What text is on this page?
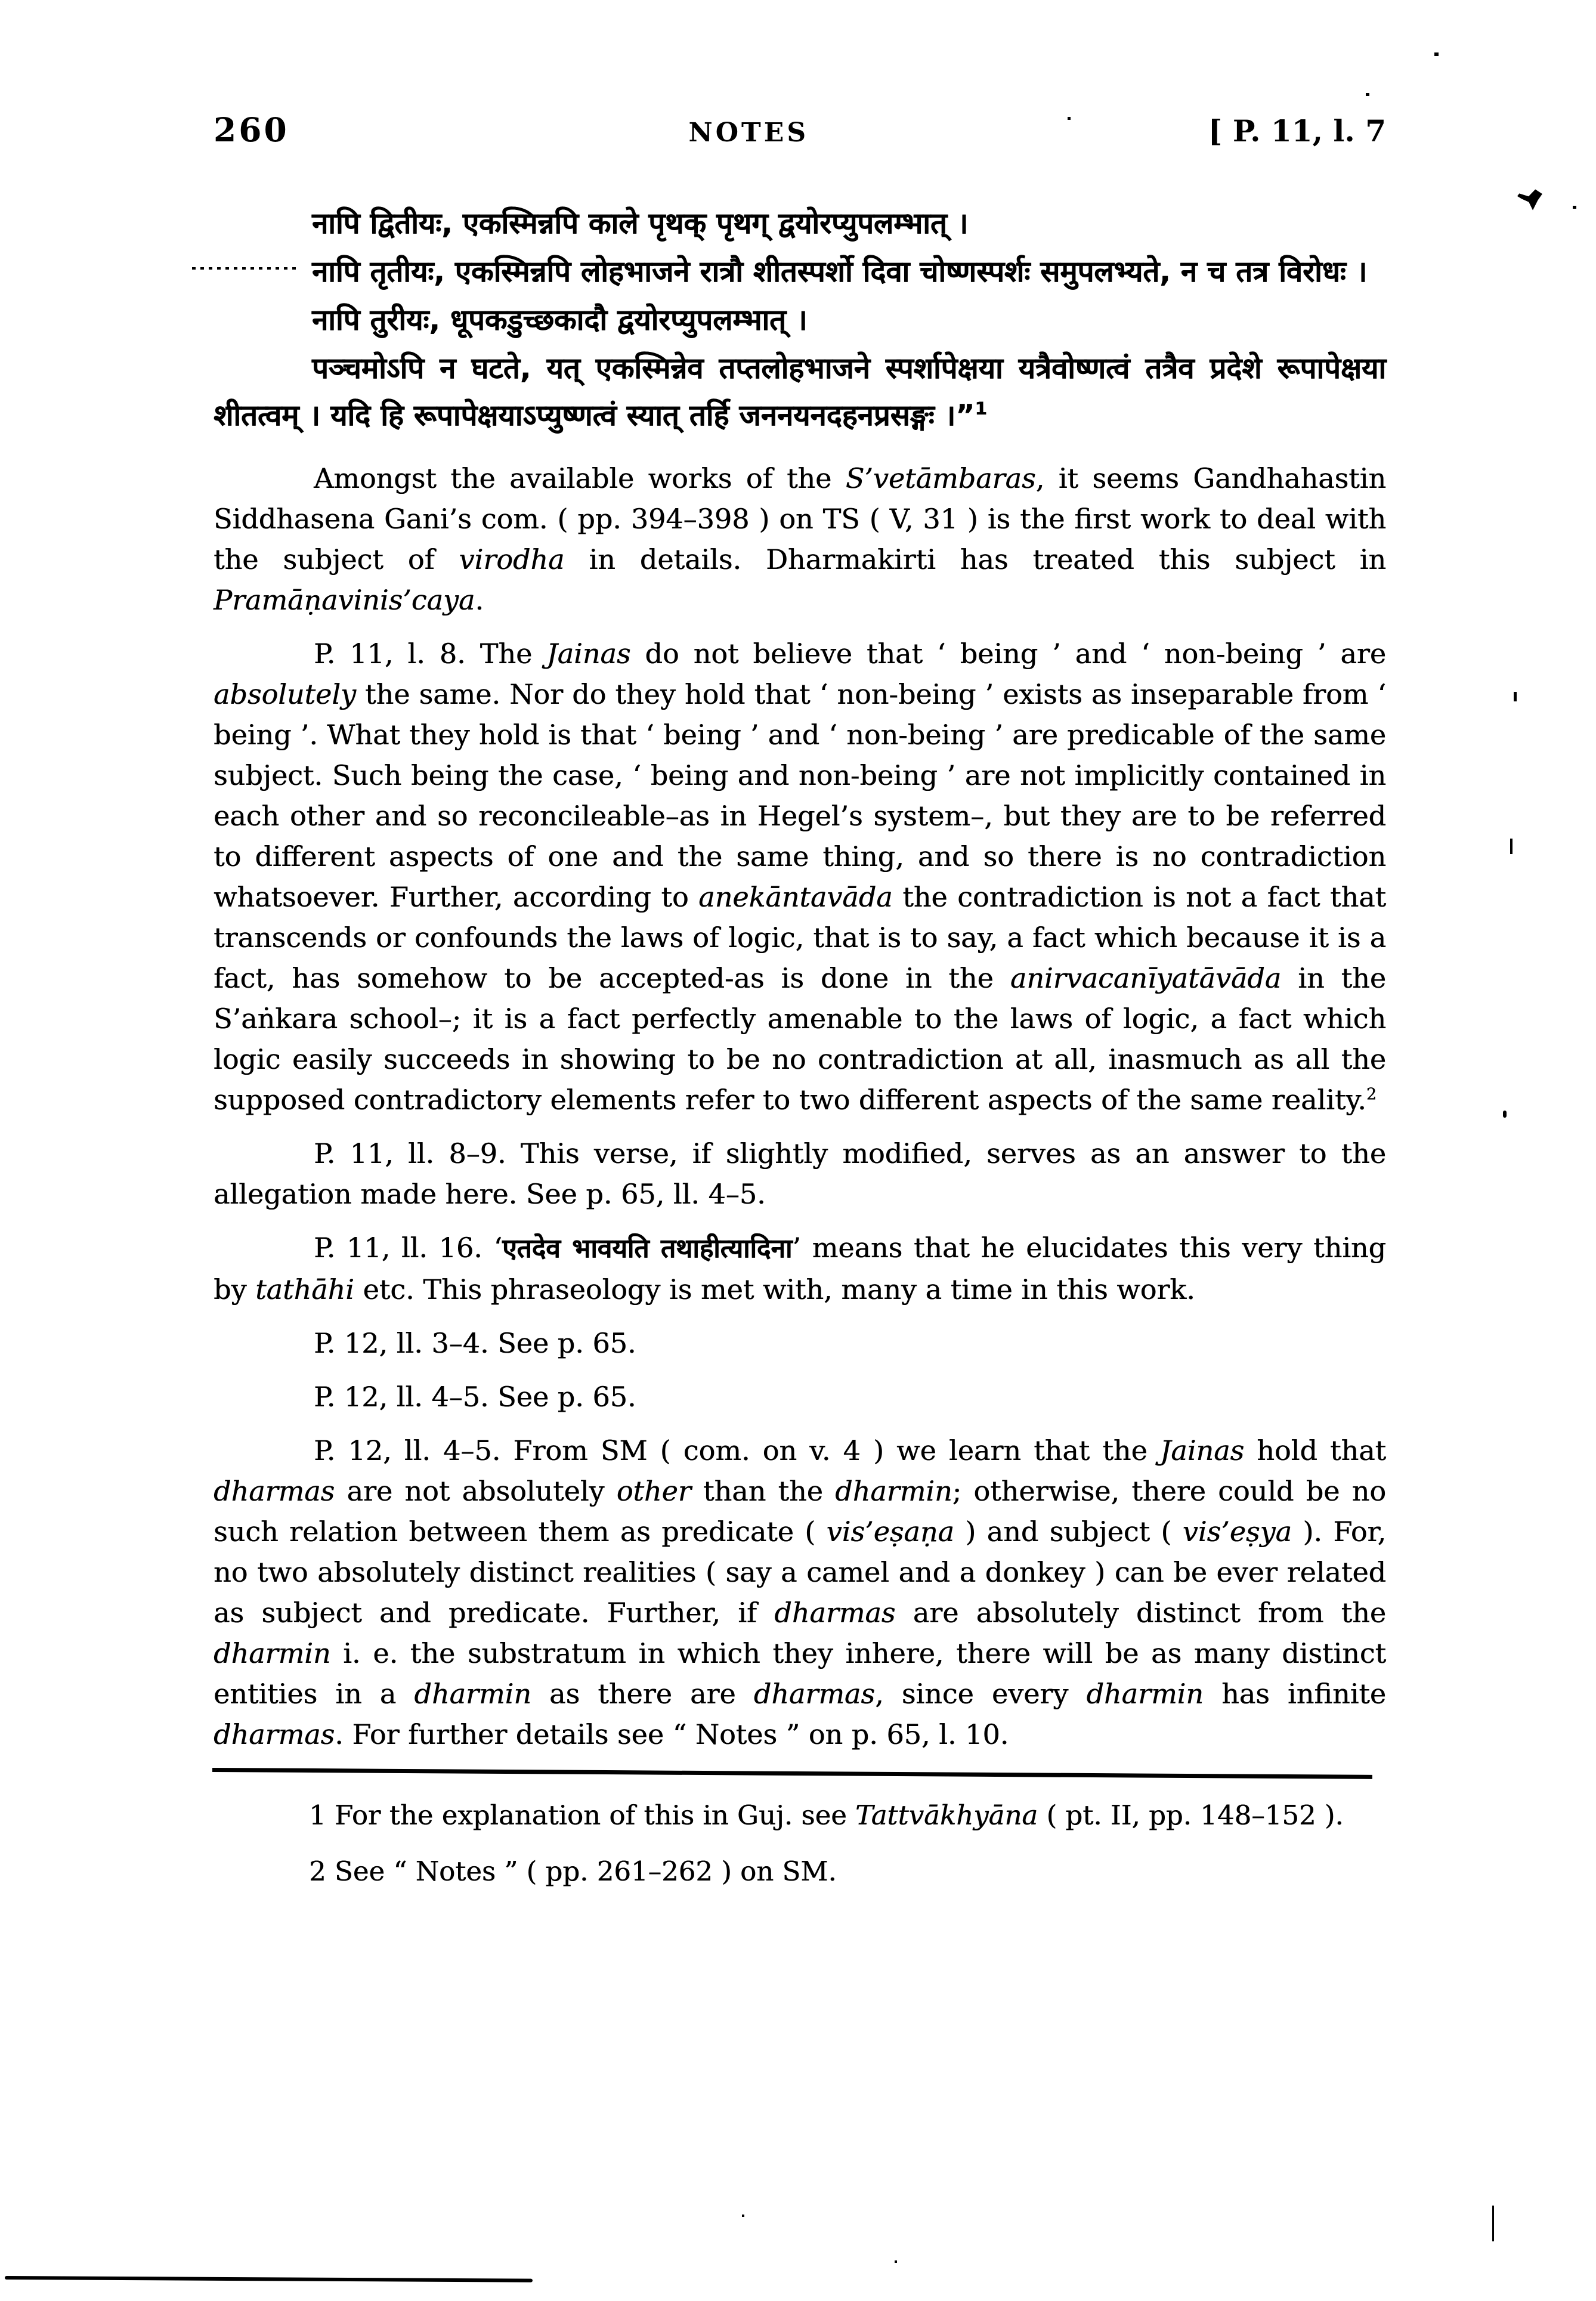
260	NOTES	[ P. 11, l. 7

नापि द्वितीयः, एकस्मिन्नपि काले पृथक् पृथग् द्वयोरप्युपलम्भात् ।

नापि तृतीयः, एकस्मिन्नपि लोहभाजने रात्रौ शीतस्पर्शो दिवा चोष्णस्पर्शः समुपलभ्यते, न च तत्र विरोधः ।

नापि तुरीयः, धूपकडुच्छकादौ द्वयोरप्युपलम्भात् ।

पञ्चमोऽपि न घटते, यत् एकस्मिन्नेव तप्तलोहभाजने स्पर्शापेक्षया यत्रैवोष्णत्वं तत्रैव प्रदेशे रूपापेक्षया शीतत्वम् । यदि हि रूपापेक्षयाऽप्युष्णत्वं स्यात् तर्हि जननयनदहनप्रसङ्गः ।”$^1$

Amongst the available works of the S’vetāmbaras, it seems Gandhahastin Siddhasena Gani’s com. ( pp. 394–398 ) on TS ( V, 31 ) is the first work to deal with the subject of virodha in details. Dharmakirti has treated this subject in Pramāṇavinis’caya.

P. 11, l. 8. The Jainas do not believe that ‘ being ’ and ‘ non-being ’ are absolutely the same. Nor do they hold that ‘ non-being ’ exists as inseparable from ‘ being ’. What they hold is that ‘ being ’ and ‘ non-being ’ are predicable of the same subject. Such being the case, ‘ being and non-being ’ are not implicitly contained in each other and so reconcileable–as in Hegel’s system–, but they are to be referred to different aspects of one and the same thing, and so there is no contradiction whatsoever. Further, according to anekāntavāda the contradiction is not a fact that transcends or confounds the laws of logic, that is to say, a fact which because it is a fact, has somehow to be accepted-as is done in the anirvacanīyatāvāda in the S’aṅkara school–; it is a fact perfectly amenable to the laws of logic, a fact which logic easily succeeds in showing to be no contradiction at all, inasmuch as all the supposed contradictory elements refer to two different aspects of the same reality.$^2$

P. 11, ll. 8–9. This verse, if slightly modified, serves as an answer to the allegation made here. See p. 65, ll. 4–5.

P. 11, ll. 16. ‘एतदेव भावयति तथाहीत्यादिना’ means that he elucidates this very thing by tathāhi etc. This phraseology is met with, many a time in this work.

P. 12, ll. 3–4. See p. 65.

P. 12, ll. 4–5. See p. 65.

P. 12, ll. 4–5. From SM ( com. on v. 4 ) we learn that the Jainas hold that dharmas are not absolutely other than the dharmin; otherwise, there could be no such relation between them as predicate ( vis’eṣaṇa ) and subject ( vis’eṣya ). For, no two absolutely distinct realities ( say a camel and a donkey ) can be ever related as subject and predicate. Further, if dharmas are absolutely distinct from the dharmin i. e. the substratum in which they inhere, there will be as many distinct entities in a dharmin as there are dharmas, since every dharmin has infinite dharmas. For further details see “ Notes ” on p. 65, l. 10.

1 For the explanation of this in Guj. see Tattvākhyāna ( pt. II, pp. 148–152 ).

2 See “ Notes ” ( pp. 261–262 ) on SM.
